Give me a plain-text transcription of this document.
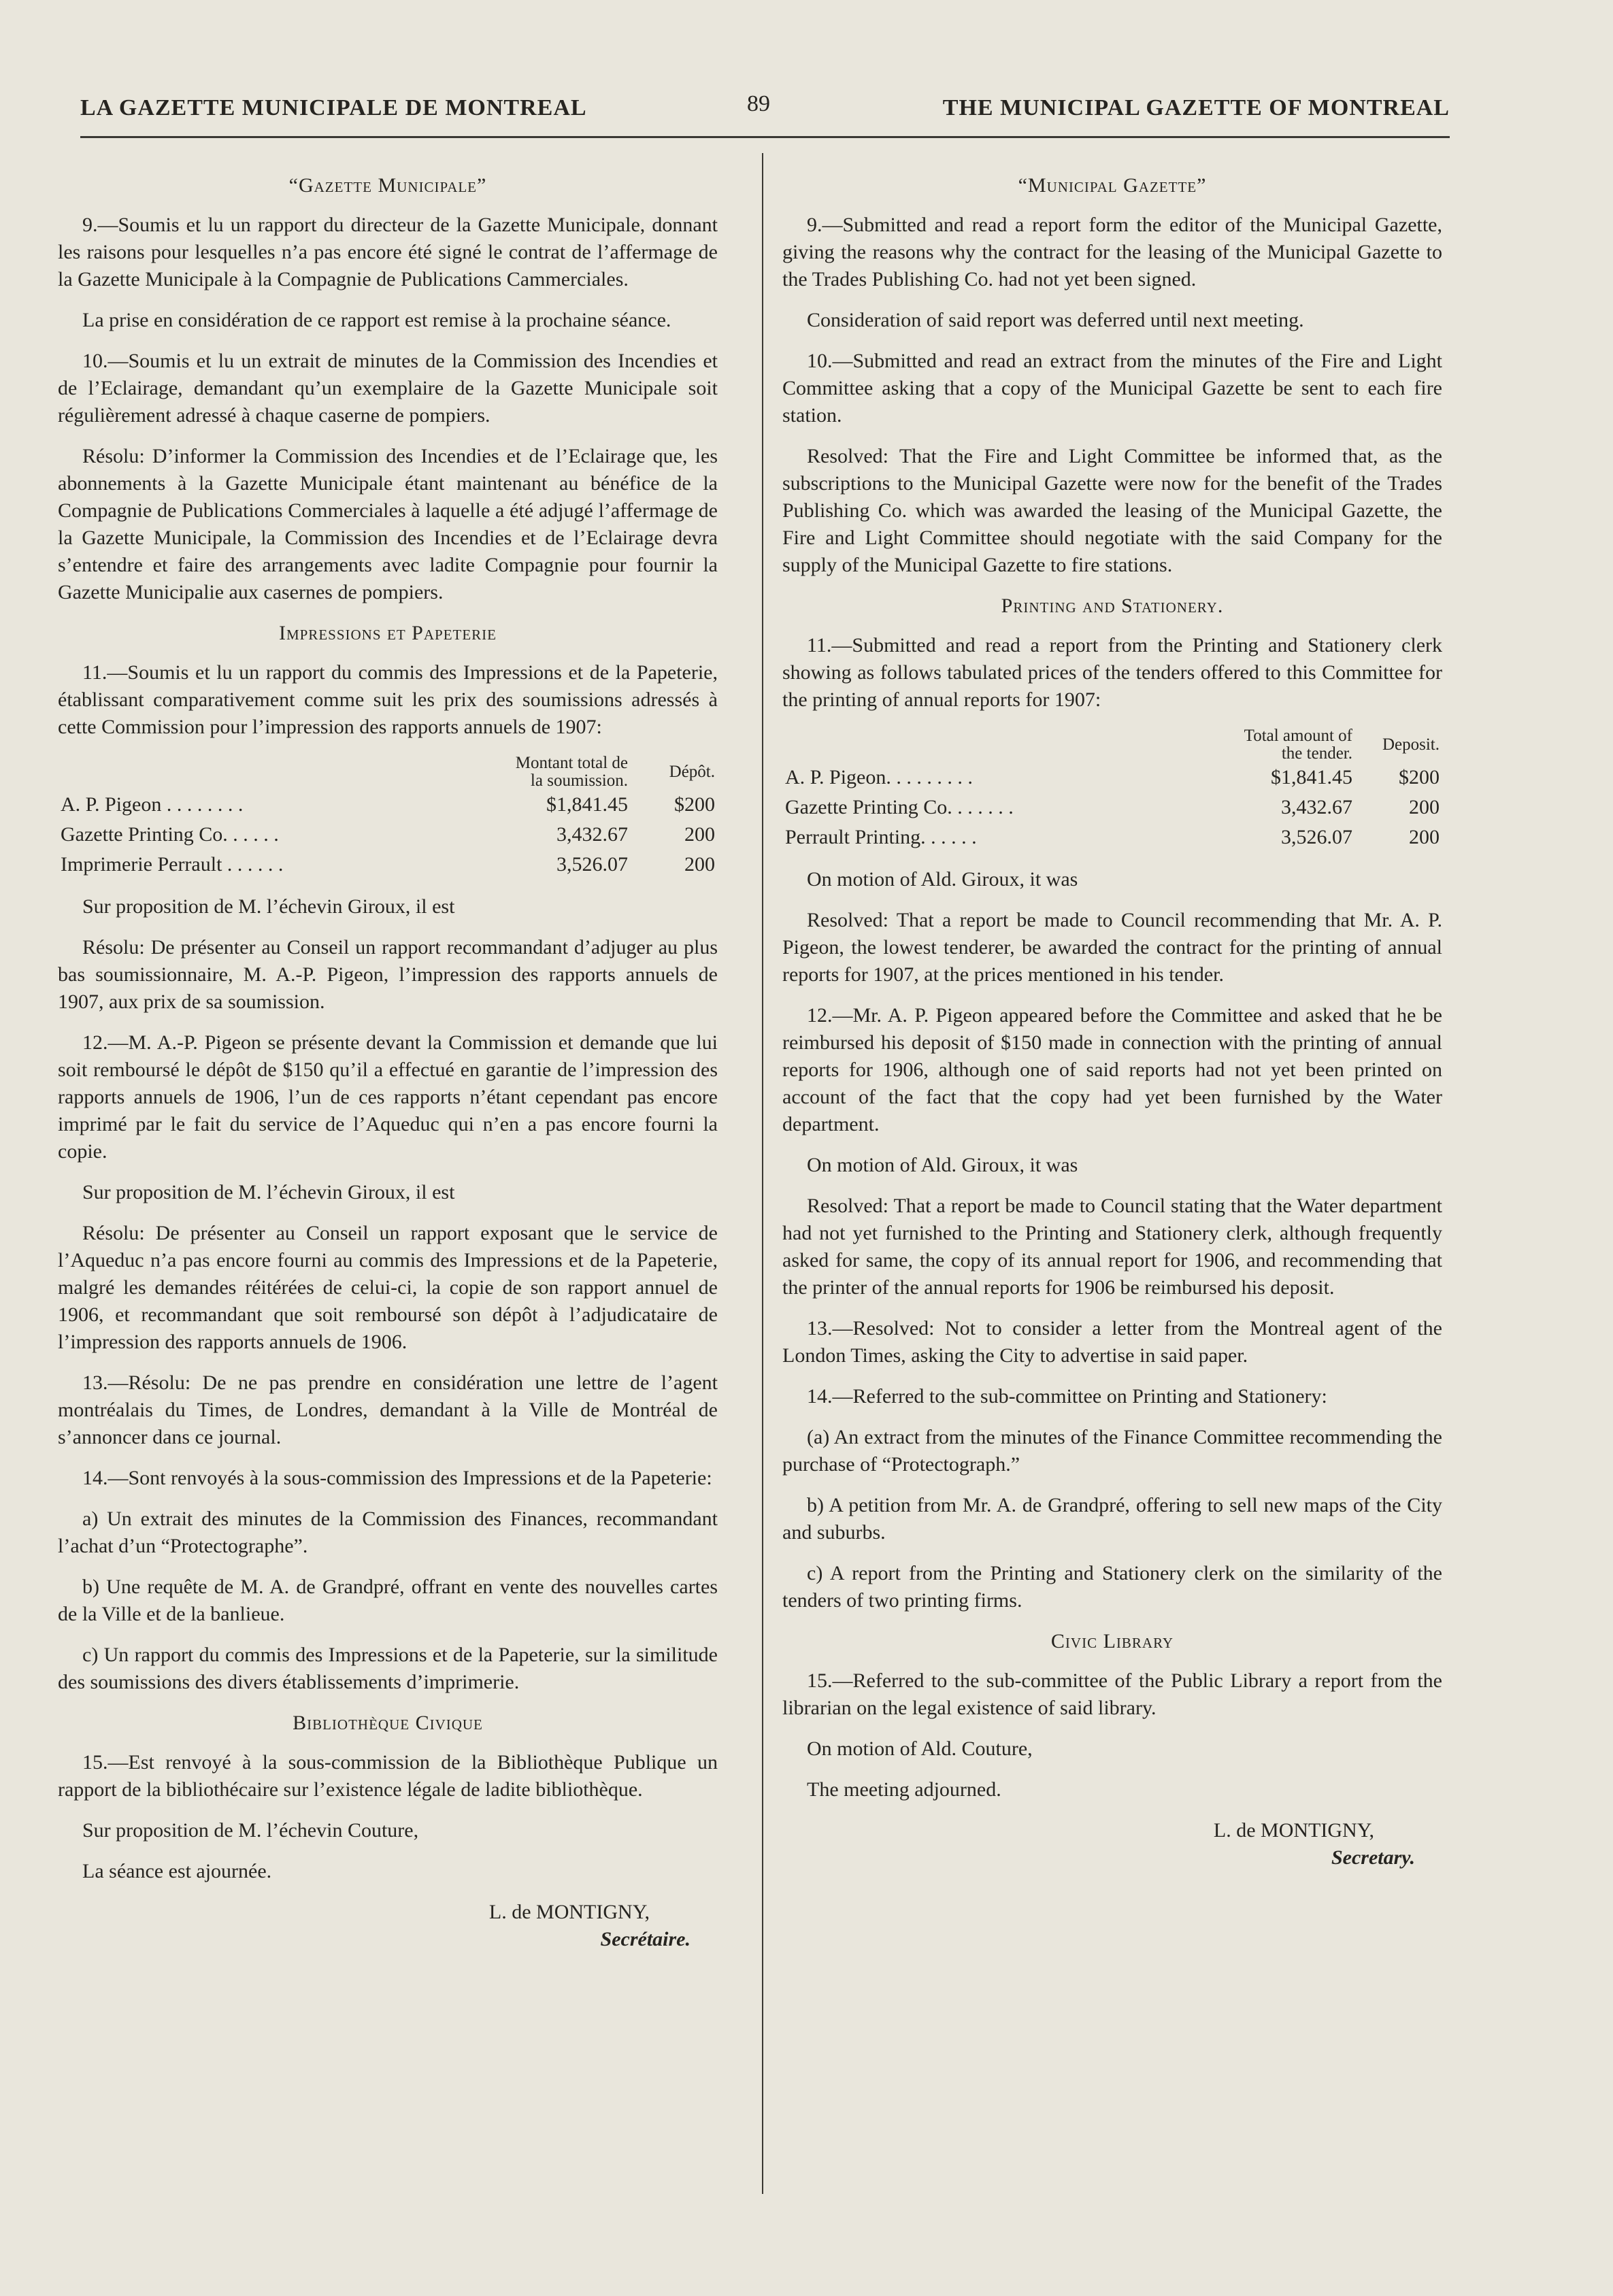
LA GAZETTE MUNICIPALE DE MONTREAL	89	THE MUNICIPAL GAZETTE OF MONTREAL
“Gazette Municipale”

9.—Soumis et lu un rapport du directeur de la Gazette Municipale, donnant les raisons pour lesquelles n’a pas encore été signé le contrat de l’affermage de la Gazette Municipale à la Compagnie de Publications Cammerciales.

La prise en considération de ce rapport est remise à la prochaine séance.

10.—Soumis et lu un extrait de minutes de la Commission des Incendies et de l’Eclairage, demandant qu’un exemplaire de la Gazette Municipale soit régulièrement adressé à chaque caserne de pompiers.

Résolu: D’informer la Commission des Incendies et de l’Eclairage que, les abonnements à la Gazette Municipale étant maintenant au bénéfice de la Compagnie de Publications Commerciales à laquelle a été adjugé l’affermage de la Gazette Municipale, la Commission des Incendies et de l’Eclairage devra s’entendre et faire des arrangements avec ladite Compagnie pour fournir la Gazette Municipalie aux casernes de pompiers.

Impressions et Papeterie

11.—Soumis et lu un rapport du commis des Impressions et de la Papeterie, établissant comparativement comme suit les prix des soumissions adressés à cette Commission pour l’impression des rapports annuels de 1907:

	Montant total de la soumission.	Dépôt.
A. P. Pigeon . . . . . . . .	$1,841.45	$200
Gazette Printing Co. . . . . .	3,432.67	200
Imprimerie Perrault . . . . . .	3,526.07	200

Sur proposition de M. l’échevin Giroux, il est

Résolu: De présenter au Conseil un rapport recommandant d’adjuger au plus bas soumissionnaire, M. A.-P. Pigeon, l’impression des rapports annuels de 1907, aux prix de sa soumission.

12.—M. A.-P. Pigeon se présente devant la Commission et demande que lui soit remboursé le dépôt de $150 qu’il a effectué en garantie de l’impression des rapports annuels de 1906, l’un de ces rapports n’étant cependant pas encore imprimé par le fait du service de l’Aqueduc qui n’en a pas encore fourni la copie.

Sur proposition de M. l’échevin Giroux, il est

Résolu: De présenter au Conseil un rapport exposant que le service de l’Aqueduc n’a pas encore fourni au commis des Impressions et de la Papeterie, malgré les demandes réitérées de celui-ci, la copie de son rapport annuel de 1906, et recommandant que soit remboursé son dépôt à l’adjudicataire de l’impression des rapports annuels de 1906.

13.—Résolu: De ne pas prendre en considération une lettre de l’agent montréalais du Times, de Londres, demandant à la Ville de Montréal de s’annoncer dans ce journal.

14.—Sont renvoyés à la sous-commission des Impressions et de la Papeterie:

a) Un extrait des minutes de la Commission des Finances, recommandant l’achat d’un “Protectographe”.

b) Une requête de M. A. de Grandpré, offrant en vente des nouvelles cartes de la Ville et de la banlieue.

c) Un rapport du commis des Impressions et de la Papeterie, sur la similitude des soumissions des divers établissements d’imprimerie.

Bibliothèque Civique

15.—Est renvoyé à la sous-commission de la Bibliothèque Publique un rapport de la bibliothécaire sur l’existence légale de ladite bibliothèque.

Sur proposition de M. l’échevin Couture,

La séance est ajournée.

L. de MONTIGNY,
Secrétaire.
“Municipal Gazette”

9.—Submitted and read a report form the editor of the Municipal Gazette, giving the reasons why the contract for the leasing of the Municipal Gazette to the Trades Publishing Co. had not yet been signed.

Consideration of said report was deferred until next meeting.

10.—Submitted and read an extract from the minutes of the Fire and Light Committee asking that a copy of the Municipal Gazette be sent to each fire station.

Resolved: That the Fire and Light Committee be informed that, as the subscriptions to the Municipal Gazette were now for the benefit of the Trades Publishing Co. which was awarded the leasing of the Municipal Gazette, the Fire and Light Committee should negotiate with the said Company for the supply of the Municipal Gazette to fire stations.

Printing and Stationery.

11.—Submitted and read a report from the Printing and Stationery clerk showing as follows tabulated prices of the tenders offered to this Committee for the printing of annual reports for 1907:

	Total amount of the tender.	Deposit.
A. P. Pigeon. . . . . . . . .	$1,841.45	$200
Gazette Printing Co. . . . . . .	3,432.67	200
Perrault Printing. . . . . .	3,526.07	200

On motion of Ald. Giroux, it was

Resolved: That a report be made to Council recommending that Mr. A. P. Pigeon, the lowest tenderer, be awarded the contract for the printing of annual reports for 1907, at the prices mentioned in his tender.

12.—Mr. A. P. Pigeon appeared before the Committee and asked that he be reimbursed his deposit of $150 made in connection with the printing of annual reports for 1906, although one of said reports had not yet been printed on account of the fact that the copy had yet been furnished by the Water department.

On motion of Ald. Giroux, it was

Resolved: That a report be made to Council stating that the Water department had not yet furnished to the Printing and Stationery clerk, although frequently asked for same, the copy of its annual report for 1906, and recommending that the printer of the annual reports for 1906 be reimbursed his deposit.

13.—Resolved: Not to consider a letter from the Montreal agent of the London Times, asking the City to advertise in said paper.

14.—Referred to the sub-committee on Printing and Stationery:

(a) An extract from the minutes of the Finance Committee recommending the purchase of “Protectograph.”

b) A petition from Mr. A. de Grandpré, offering to sell new maps of the City and suburbs.

c) A report from the Printing and Stationery clerk on the similarity of the tenders of two printing firms.

Civic Library

15.—Referred to the sub-committee of the Public Library a report from the librarian on the legal existence of said library.

On motion of Ald. Couture,

The meeting adjourned.

L. de MONTIGNY,
Secretary.
